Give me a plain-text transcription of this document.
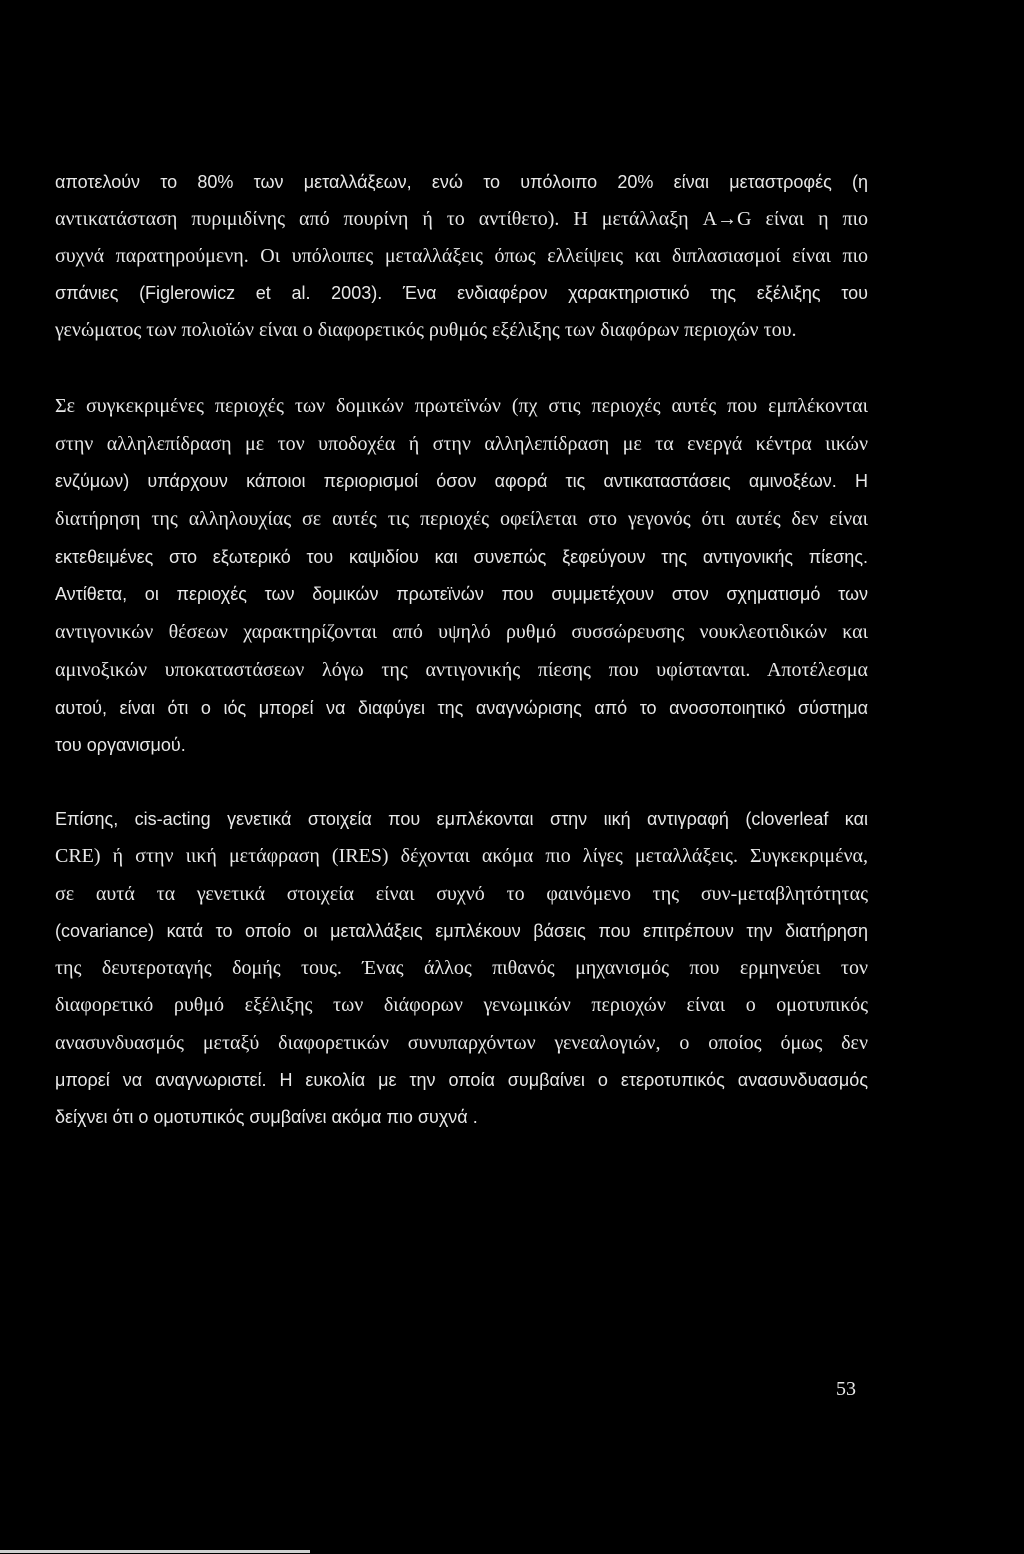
αποτελούν το 80% των μεταλλάξεων, ενώ το υπόλοιπο 20% είναι μεταστροφές (η
αντικατάσταση πυριμιδίνης από πουρίνη ή το αντίθετο). Η μετάλλαξη A→G είναι η πιο
συχνά παρατηρούμενη. Οι υπόλοιπες μεταλλάξεις όπως ελλείψεις και διπλασιασμοί είναι πιο
σπάνιες (Figlerowicz et al. 2003). Ένα ενδιαφέρον χαρακτηριστικό της εξέλιξης του
γενώματος των πολιοϊών είναι ο διαφορετικός ρυθμός εξέλιξης των διαφόρων περιοχών του.
Σε συγκεκριμένες περιοχές των δομικών πρωτεϊνών (πχ στις περιοχές αυτές που εμπλέκονται
στην αλληλεπίδραση με τον υποδοχέα ή στην αλληλεπίδραση με τα ενεργά κέντρα ιικών
ενζύμων) υπάρχουν κάποιοι περιορισμοί όσον αφορά τις αντικαταστάσεις αμινοξέων. Η
διατήρηση της αλληλουχίας σε αυτές τις περιοχές οφείλεται στο γεγονός ότι αυτές δεν είναι
εκτεθειμένες στο εξωτερικό του καψιδίου και συνεπώς ξεφεύγουν της αντιγονικής πίεσης.
Αντίθετα, οι περιοχές των δομικών πρωτεϊνών που συμμετέχουν στον σχηματισμό των
αντιγονικών θέσεων χαρακτηρίζονται από υψηλό ρυθμό συσσώρευσης νουκλεοτιδικών και
αμινοξικών υποκαταστάσεων λόγω της αντιγονικής πίεσης που υφίστανται. Αποτέλεσμα
αυτού, είναι ότι ο ιός μπορεί να διαφύγει της αναγνώρισης από το ανοσοποιητικό σύστημα
του οργανισμού.
Επίσης, cis-acting γενετικά στοιχεία που εμπλέκονται στην ιική αντιγραφή (cloverleaf και
CRE) ή στην ιική μετάφραση (IRES) δέχονται ακόμα πιο λίγες μεταλλάξεις. Συγκεκριμένα,
σε αυτά τα γενετικά στοιχεία είναι συχνό το φαινόμενο της συν-μεταβλητότητας
(covariance) κατά το οποίο οι μεταλλάξεις εμπλέκουν βάσεις που επιτρέπουν την διατήρηση
της δευτεροταγής δομής τους. Ένας άλλος πιθανός μηχανισμός που ερμηνεύει τον
διαφορετικό ρυθμό εξέλιξης των διάφορων γενωμικών περιοχών είναι ο ομοτυπικός
ανασυνδυασμός μεταξύ διαφορετικών συνυπαρχόντων γενεαλογιών, ο οποίος όμως δεν
μπορεί να αναγνωριστεί. Η ευκολία με την οποία συμβαίνει ο ετεροτυπικός ανασυνδυασμός
δείχνει ότι ο ομοτυπικός συμβαίνει ακόμα πιο συχνά .
53
